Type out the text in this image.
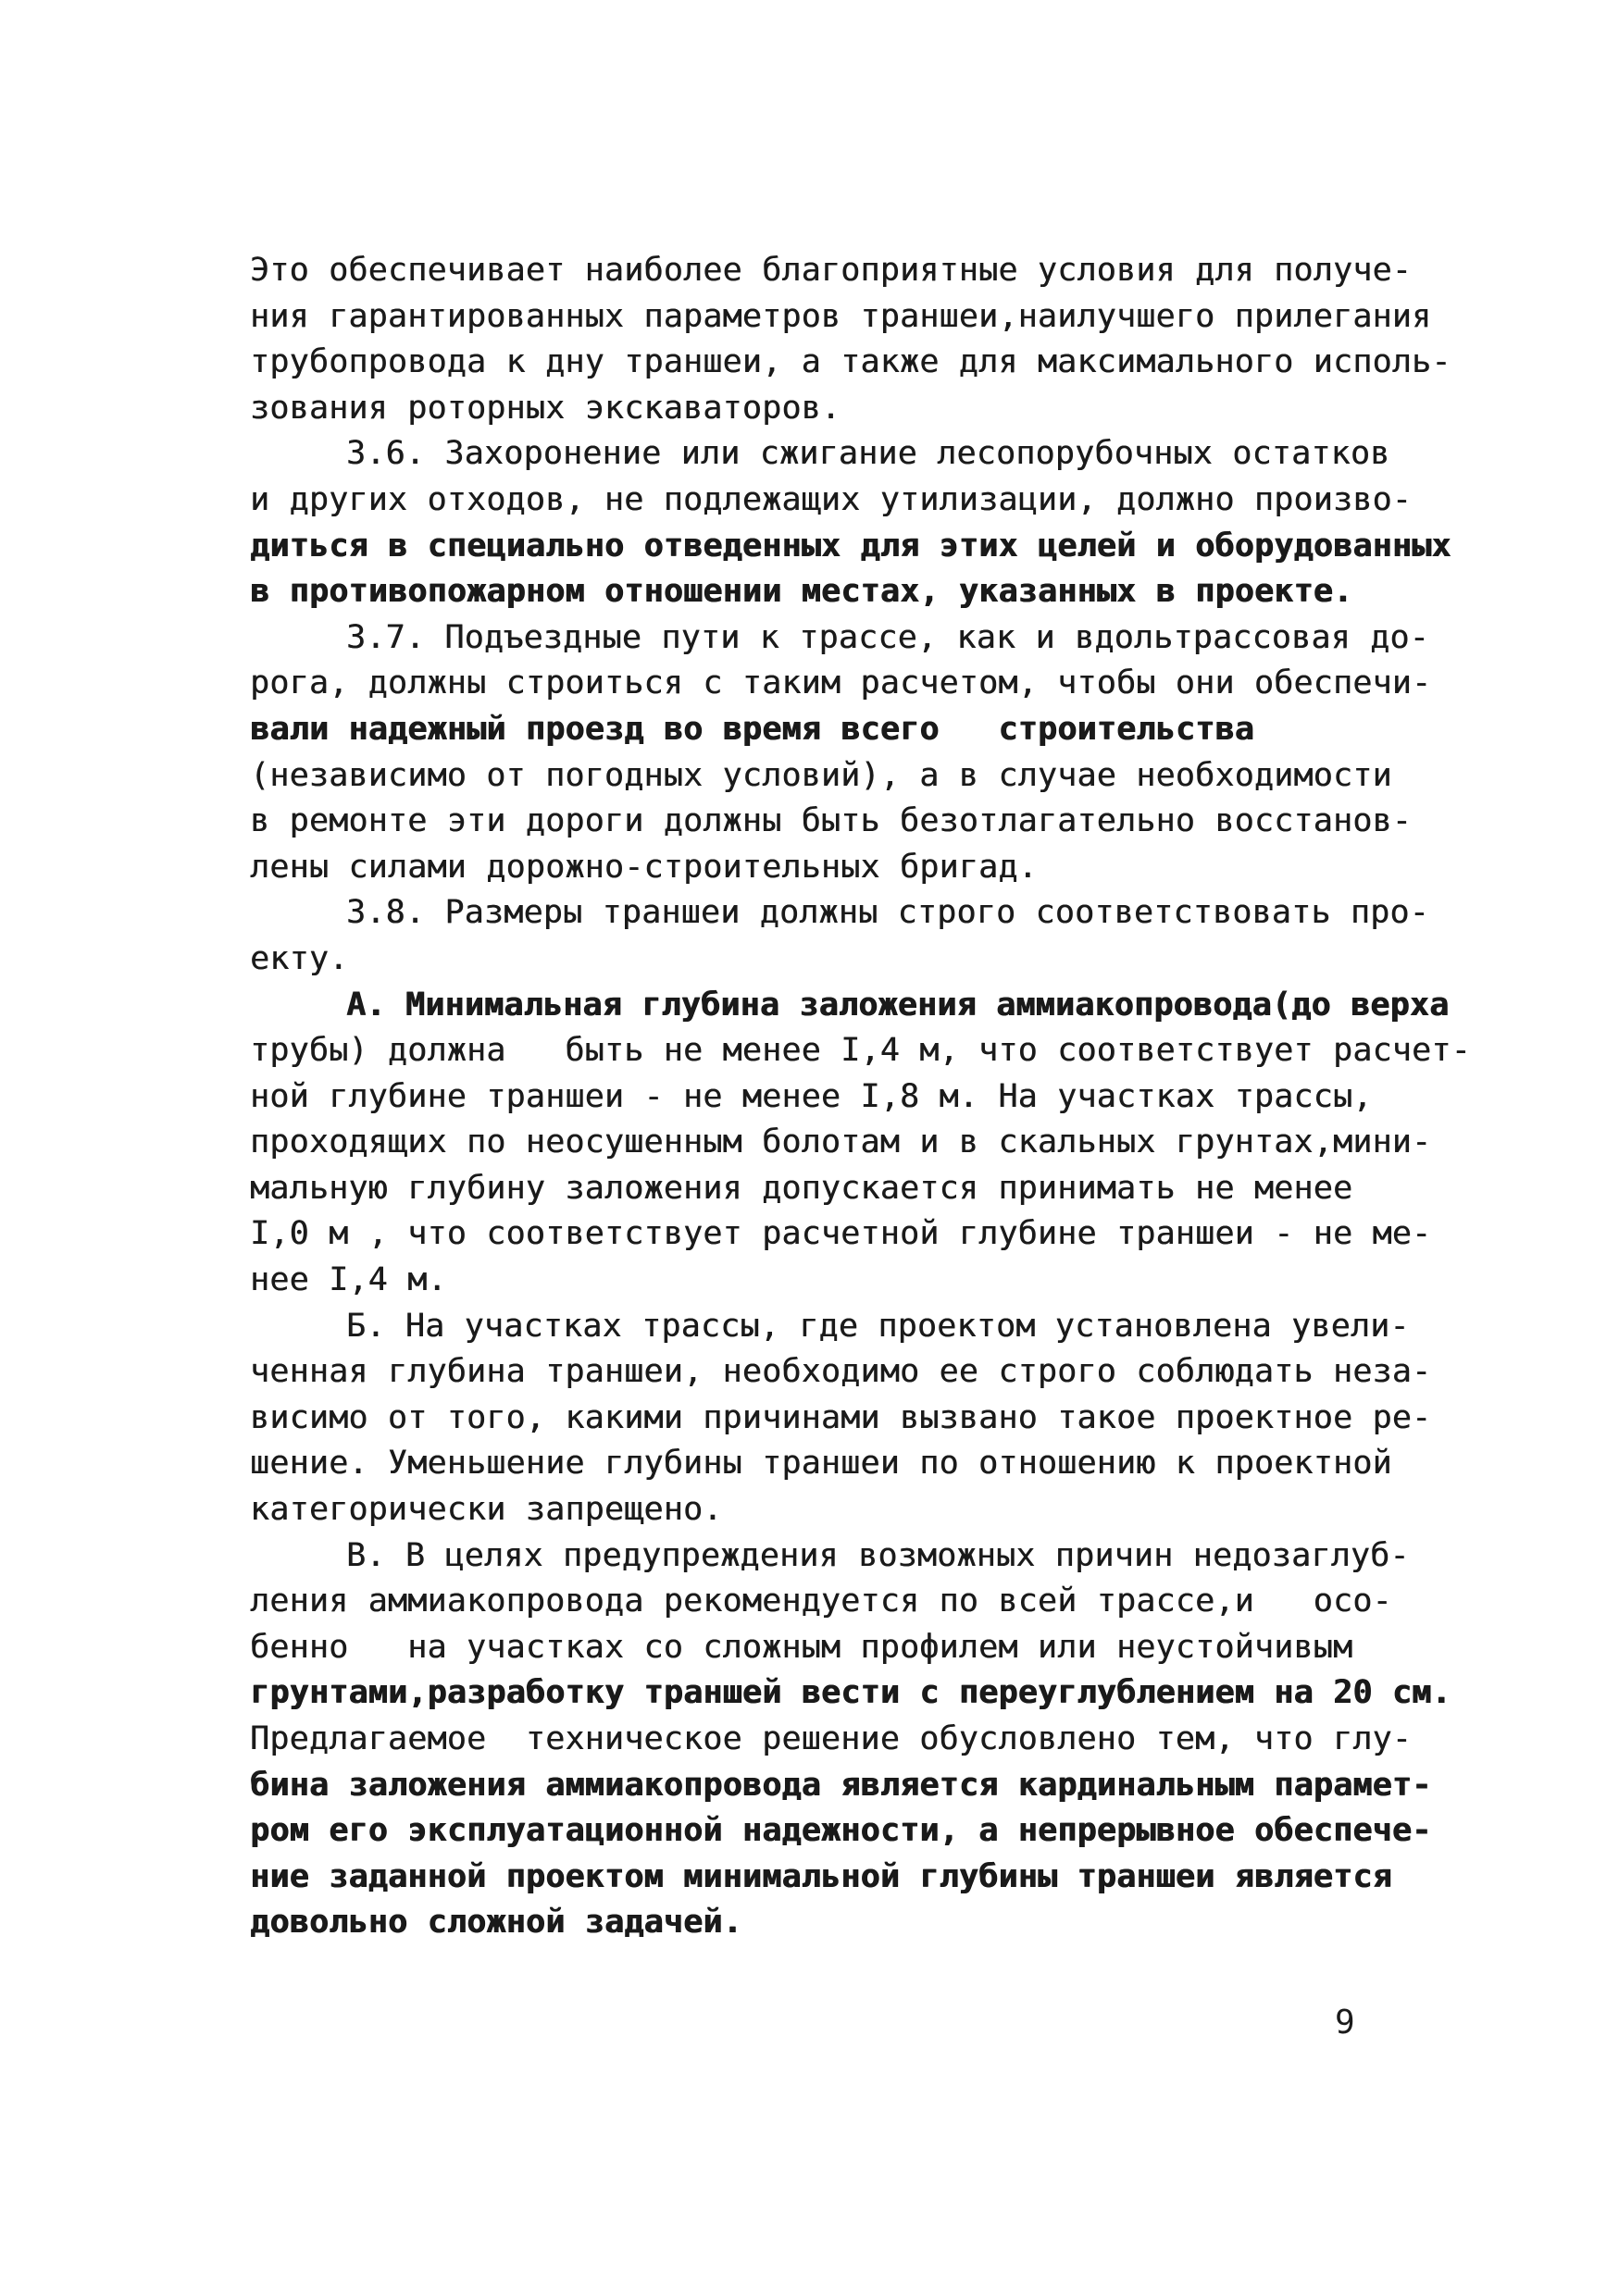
Это обеспечивает наиболее благоприятные условия для получе-
ния гарантированных параметров траншеи,наилучшего прилегания
трубопровода к дну траншеи, а также для максимального исполь-
зования роторных экскаваторов.
3.6. Захоронение или сжигание лесопорубочных остатков
и других отходов, не подлежащих утилизации, должно произво-
диться в специально отведенных для этих целей и оборудованных
в противопожарном отношении местах, указанных в проекте.
3.7. Подъездные пути к трассе, как и вдольтрассовая до-
рога, должны строиться с таким расчетом, чтобы они обеспечи-
вали надежный проезд во время всего   строительства
(независимо от погодных условий), а в случае необходимости
в ремонте эти дороги должны быть безотлагательно восстанов-
лены силами дорожно-строительных бригад.
3.8. Размеры траншеи должны строго соответствовать про-
екту.
А. Минимальная глубина заложения аммиакопровода(до верха
трубы) должна   быть не менее I,4 м, что соответствует расчет-
ной глубине траншеи - не менее I,8 м. На участках трассы,
проходящих по неосушенным болотам и в скальных грунтах,мини-
мальную глубину заложения допускается принимать не менее
I,0 м , что соответствует расчетной глубине траншеи - не ме-
нее I,4 м.
Б. На участках трассы, где проектом установлена увели-
ченная глубина траншеи, необходимо ее строго соблюдать неза-
висимо от того, какими причинами вызвано такое проектное ре-
шение. Уменьшение глубины траншеи по отношению к проектной
категорически запрещено.
В. В целях предупреждения возможных причин недозаглуб-
ления аммиакопровода рекомендуется по всей трассе,и   осо-
бенно   на участках со сложным профилем или неустойчивым
грунтами,разработку траншей вести с переуглублением на 20 см.
Предлагаемое  техническое решение обусловлено тем, что глу-
бина заложения аммиакопровода является кардинальным парамет-
ром его эксплуатационной надежности, а непрерывное обеспече-
ние заданной проектом минимальной глубины траншеи является
довольно сложной задачей.
9
